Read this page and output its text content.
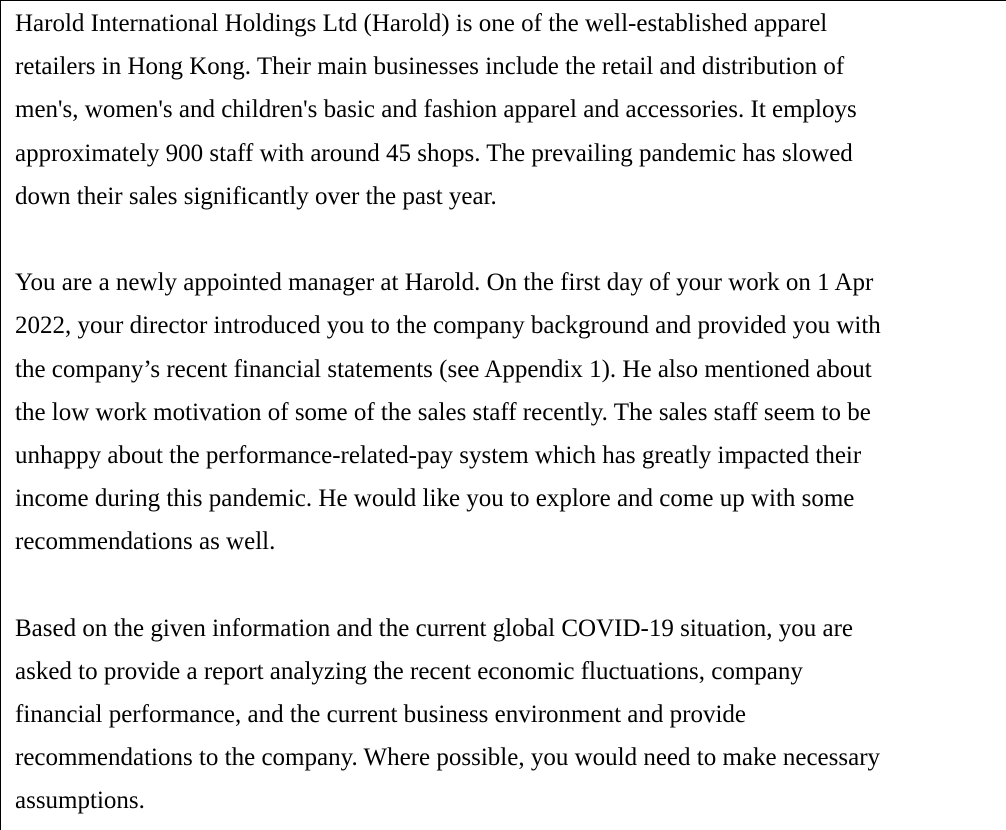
Harold International Holdings Ltd (Harold) is one of the well-established apparel
retailers in Hong Kong. Their main businesses include the retail and distribution of
men's, women's and children's basic and fashion apparel and accessories. It employs
approximately 900 staff with around 45 shops. The prevailing pandemic has slowed
down their sales significantly over the past year.
You are a newly appointed manager at Harold. On the first day of your work on 1 Apr
2022, your director introduced you to the company background and provided you with
the company’s recent financial statements (see Appendix 1). He also mentioned about
the low work motivation of some of the sales staff recently. The sales staff seem to be
unhappy about the performance-related-pay system which has greatly impacted their
income during this pandemic. He would like you to explore and come up with some
recommendations as well.
Based on the given information and the current global COVID-19 situation, you are
asked to provide a report analyzing the recent economic fluctuations, company
financial performance, and the current business environment and provide
recommendations to the company. Where possible, you would need to make necessary
assumptions.
